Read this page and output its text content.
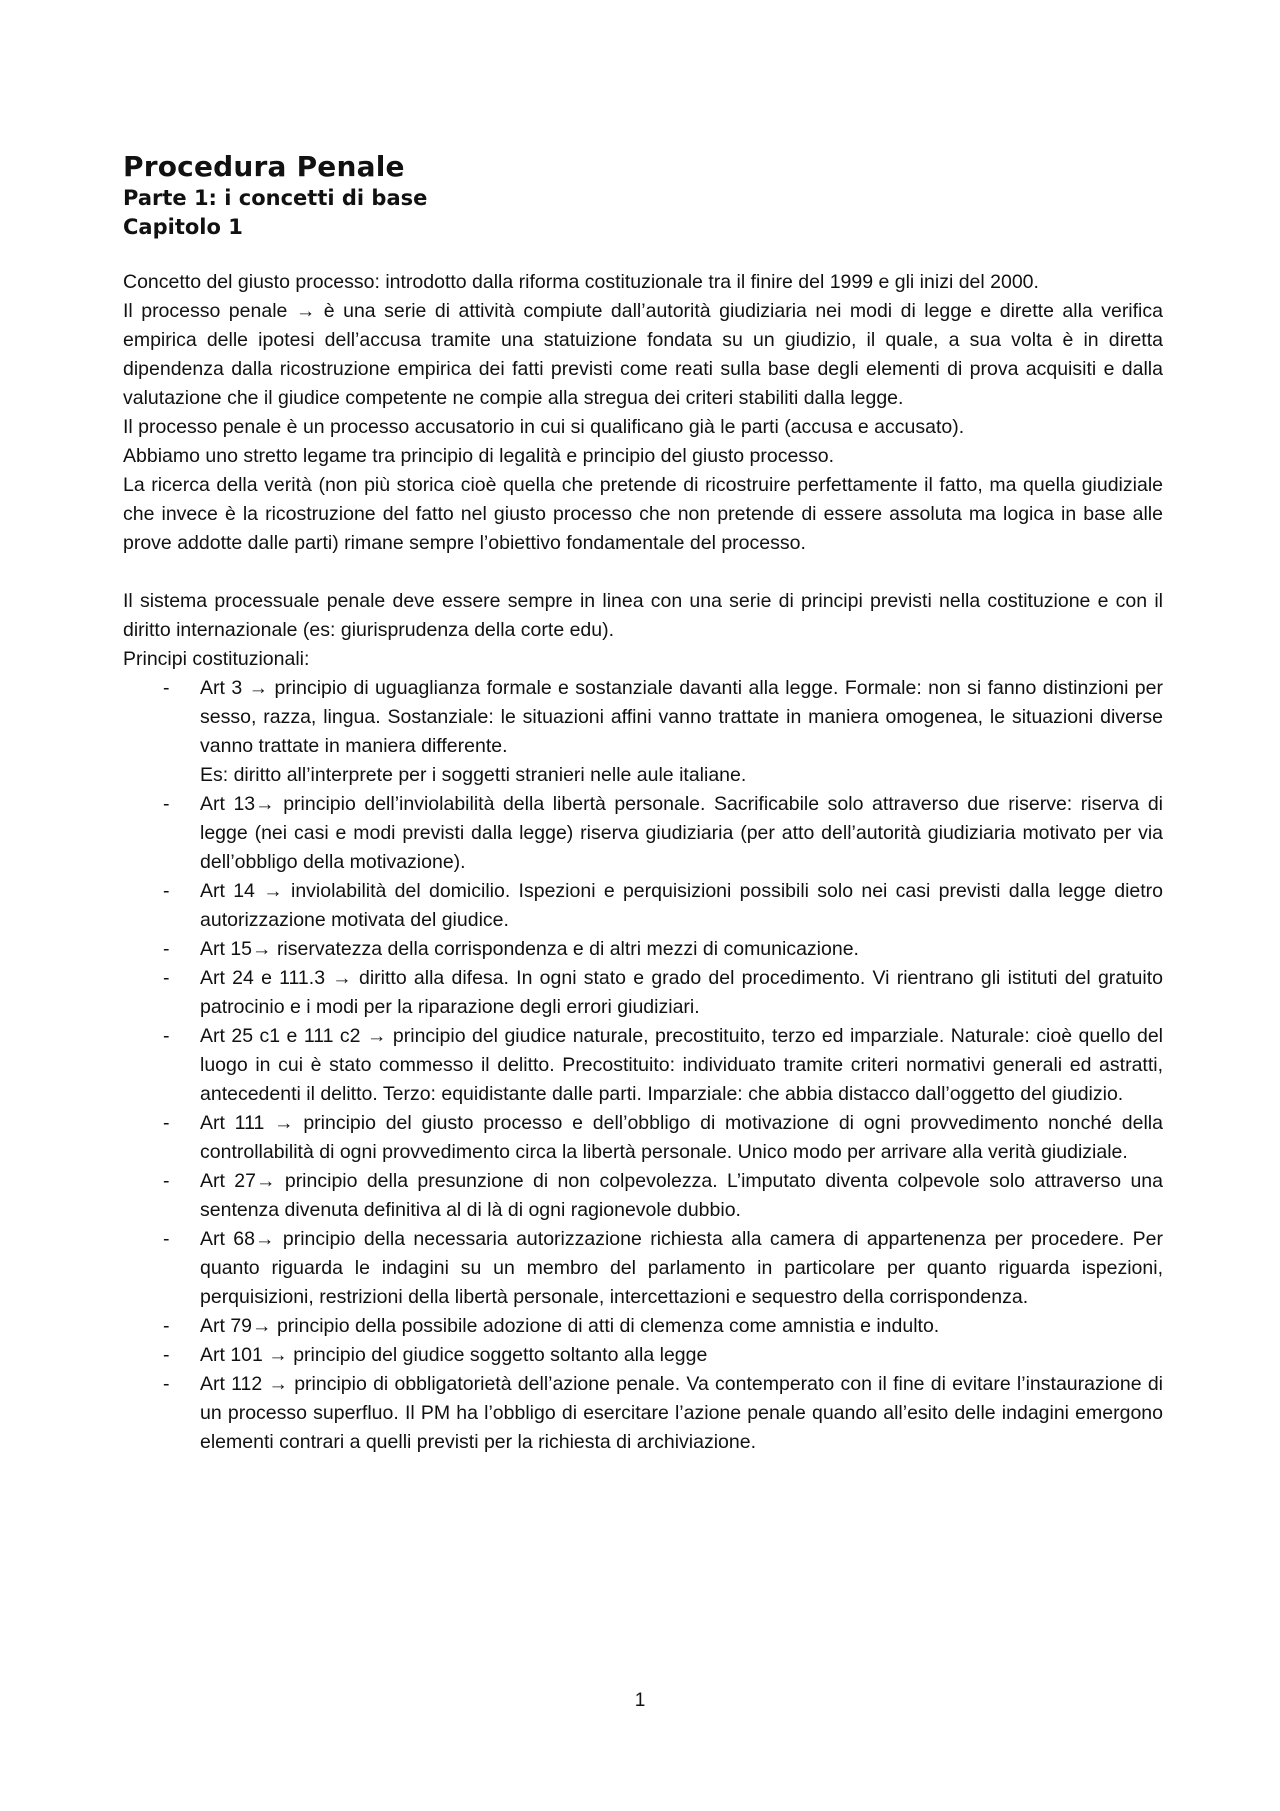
Procedura Penale
Parte 1: i concetti di base
Capitolo 1

Concetto del giusto processo: introdotto dalla riforma costituzionale tra il finire del 1999 e gli inizi del 2000.

Il processo penale → è una serie di attività compiute dall’autorità giudiziaria nei modi di legge e dirette alla verifica empirica delle ipotesi dell’accusa tramite una statuizione fondata su un giudizio, il quale, a sua volta è in diretta dipendenza dalla ricostruzione empirica dei fatti previsti come reati sulla base degli elementi di prova acquisiti e dalla valutazione che il giudice competente ne compie alla stregua dei criteri stabiliti dalla legge.

Il processo penale è un processo accusatorio in cui si qualificano già le parti (accusa e accusato).

Abbiamo uno stretto legame tra principio di legalità e principio del giusto processo.

La ricerca della verità (non più storica cioè quella che pretende di ricostruire perfettamente il fatto, ma quella giudiziale che invece è la ricostruzione del fatto nel giusto processo che non pretende di essere assoluta ma logica in base alle prove addotte dalle parti) rimane sempre l’obiettivo fondamentale del processo.

Il sistema processuale penale deve essere sempre in linea con una serie di principi previsti nella costituzione e con il diritto internazionale (es: giurisprudenza della corte edu).

Principi costituzionali:

- Art 3 → principio di uguaglianza formale e sostanziale davanti alla legge. Formale: non si fanno distinzioni per sesso, razza, lingua. Sostanziale: le situazioni affini vanno trattate in maniera omogenea, le situazioni diverse vanno trattate in maniera differente.
Es: diritto all’interprete per i soggetti stranieri nelle aule italiane.
- Art 13→ principio dell’inviolabilità della libertà personale. Sacrificabile solo attraverso due riserve: riserva di legge (nei casi e modi previsti dalla legge) riserva giudiziaria (per atto dell’autorità giudiziaria motivato per via dell’obbligo della motivazione).
- Art 14 → inviolabilità del domicilio. Ispezioni e perquisizioni possibili solo nei casi previsti dalla legge dietro autorizzazione motivata del giudice.
- Art 15→ riservatezza della corrispondenza e di altri mezzi di comunicazione.
- Art 24 e 111.3 → diritto alla difesa. In ogni stato e grado del procedimento. Vi rientrano gli istituti del gratuito patrocinio e i modi per la riparazione degli errori giudiziari.
- Art 25 c1 e 111 c2 → principio del giudice naturale, precostituito, terzo ed imparziale. Naturale: cioè quello del luogo in cui è stato commesso il delitto. Precostituito: individuato tramite criteri normativi generali ed astratti, antecedenti il delitto. Terzo: equidistante dalle parti. Imparziale: che abbia distacco dall’oggetto del giudizio.
- Art 111 → principio del giusto processo e dell’obbligo di motivazione di ogni provvedimento nonché della controllabilità di ogni provvedimento circa la libertà personale. Unico modo per arrivare alla verità giudiziale.
- Art 27→ principio della presunzione di non colpevolezza. L’imputato diventa colpevole solo attraverso una sentenza divenuta definitiva al di là di ogni ragionevole dubbio.
- Art 68→ principio della necessaria autorizzazione richiesta alla camera di appartenenza per procedere. Per quanto riguarda le indagini su un membro del parlamento in particolare per quanto riguarda ispezioni, perquisizioni, restrizioni della libertà personale, intercettazioni e sequestro della corrispondenza.
- Art 79→ principio della possibile adozione di atti di clemenza come amnistia e indulto.
- Art 101 → principio del giudice soggetto soltanto alla legge
- Art 112 → principio di obbligatorietà dell’azione penale. Va contemperato con il fine di evitare l’instaurazione di un processo superfluo. Il PM ha l’obbligo di esercitare l’azione penale quando all’esito delle indagini emergono elementi contrari a quelli previsti per la richiesta di archiviazione.
1
